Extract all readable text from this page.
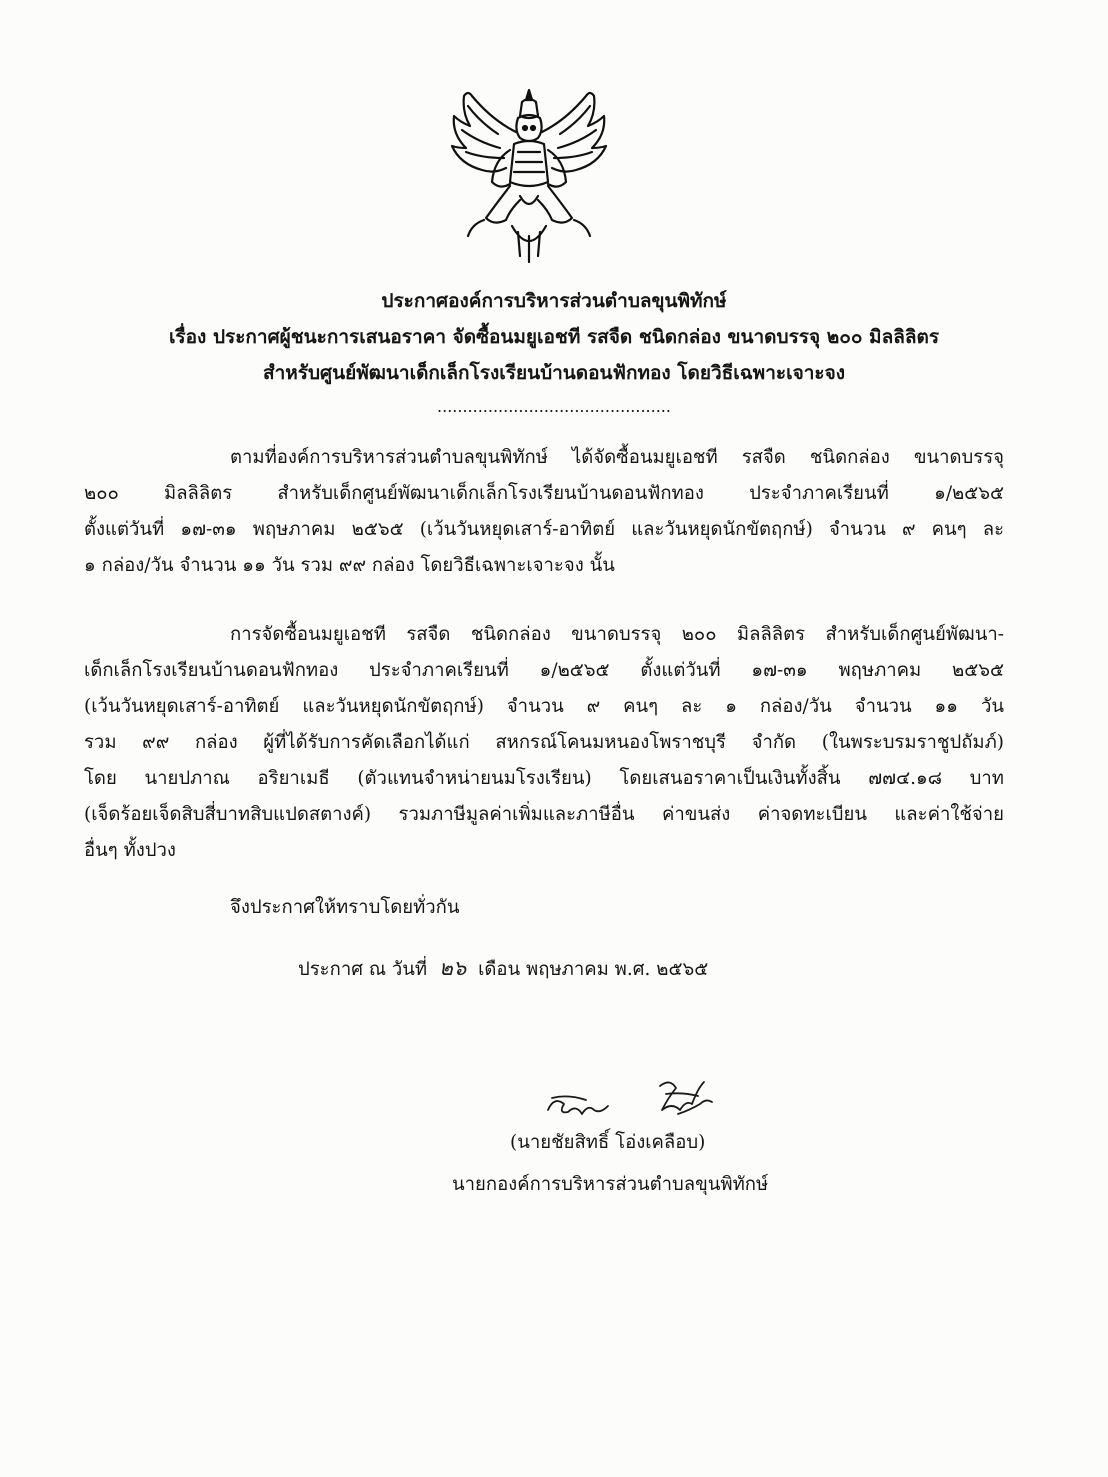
ประกาศองค์การบริหารส่วนตำบลขุนพิทักษ์
เรื่อง ประกาศผู้ชนะการเสนอราคา จัดซื้อนมยูเอชที รสจืด ชนิดกล่อง ขนาดบรรจุ ๒๐๐ มิลลิลิตร
สำหรับศูนย์พัฒนาเด็กเล็กโรงเรียนบ้านดอนฟักทอง โดยวิธีเฉพาะเจาะจง
..............................................
ตามที่องค์การบริหารส่วนตำบลขุนพิทักษ์ ได้จัดซื้อนมยูเอชที รสจืด ชนิดกล่อง ขนาดบรรจุ
๒๐๐ มิลลิลิตร สำหรับเด็กศูนย์พัฒนาเด็กเล็กโรงเรียนบ้านดอนฟักทอง ประจำภาคเรียนที่ ๑/๒๕๖๕
ตั้งแต่วันที่ ๑๗-๓๑ พฤษภาคม ๒๕๖๕ (เว้นวันหยุดเสาร์-อาทิตย์ และวันหยุดนักขัตฤกษ์) จำนวน ๙ คนๆ ละ
๑ กล่อง/วัน จำนวน ๑๑ วัน รวม ๙๙ กล่อง โดยวิธีเฉพาะเจาะจง นั้น
การจัดซื้อนมยูเอชที รสจืด ชนิดกล่อง ขนาดบรรจุ ๒๐๐ มิลลิลิตร สำหรับเด็กศูนย์พัฒนา-
เด็กเล็กโรงเรียนบ้านดอนฟักทอง ประจำภาคเรียนที่ ๑/๒๕๖๕ ตั้งแต่วันที่ ๑๗-๓๑ พฤษภาคม ๒๕๖๕
(เว้นวันหยุดเสาร์-อาทิตย์ และวันหยุดนักขัตฤกษ์) จำนวน ๙ คนๆ ละ ๑ กล่อง/วัน จำนวน ๑๑ วัน
รวม ๙๙ กล่อง ผู้ที่ได้รับการคัดเลือกได้แก่ สหกรณ์โคนมหนองโพราชบุรี จำกัด (ในพระบรมราชูปถัมภ์)
โดย นายปภาณ อริยาเมธี (ตัวแทนจำหน่ายนมโรงเรียน) โดยเสนอราคาเป็นเงินทั้งสิ้น ๗๗๔.๑๘ บาท
(เจ็ดร้อยเจ็ดสิบสี่บาทสิบแปดสตางค์) รวมภาษีมูลค่าเพิ่มและภาษีอื่น ค่าขนส่ง ค่าจดทะเบียน และค่าใช้จ่าย
อื่นๆ ทั้งปวง
จึงประกาศให้ทราบโดยทั่วกัน
ประกาศ ณ วันที่ ๒๖ เดือน พฤษภาคม พ.ศ. ๒๕๖๕
(นายชัยสิทธิ์ โอ่งเคลือบ)
นายกองค์การบริหารส่วนตำบลขุนพิทักษ์
